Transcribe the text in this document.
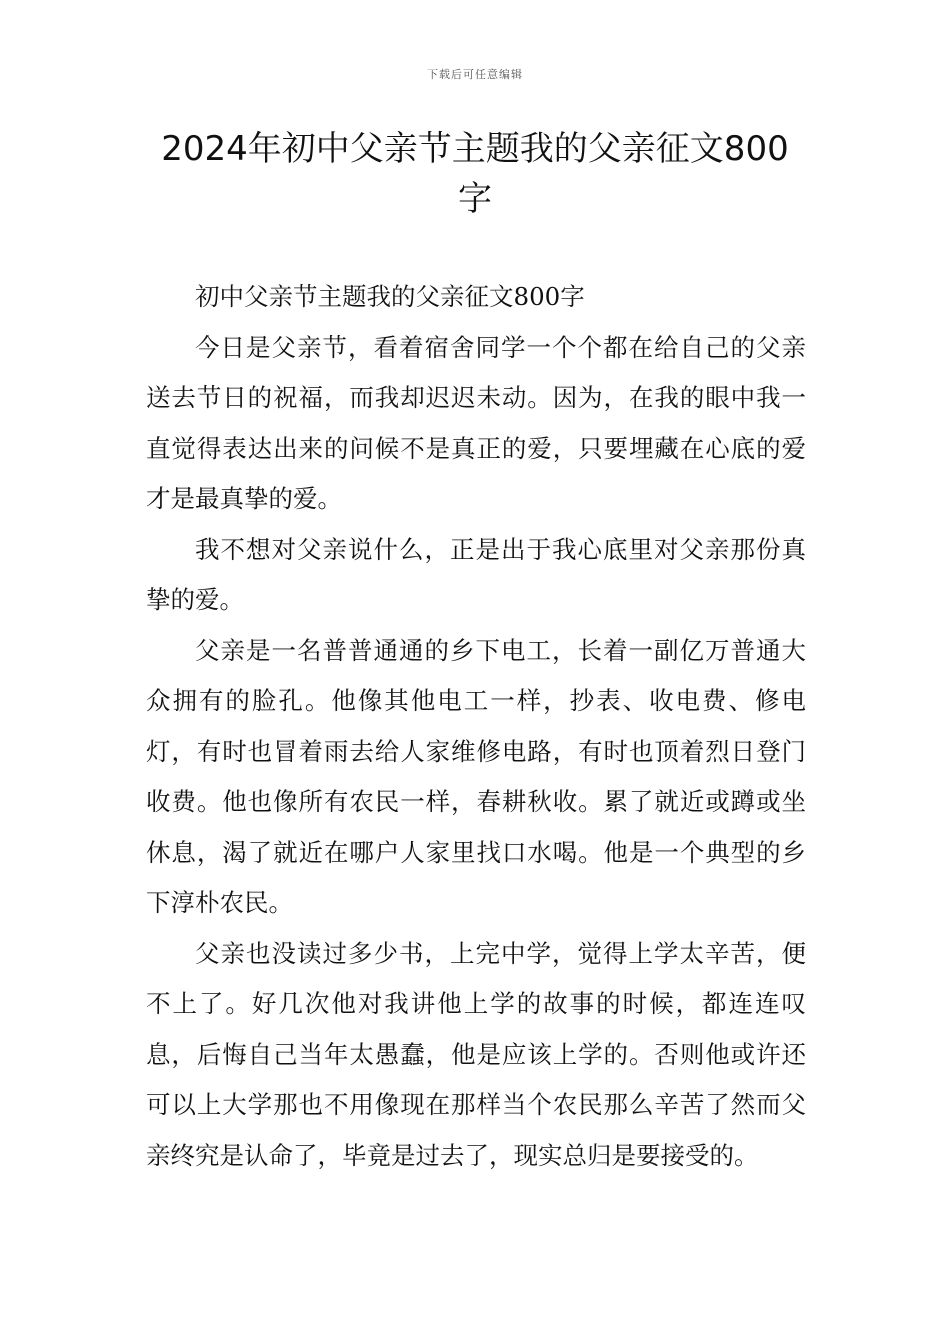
下载后可任意编辑
2024年初中父亲节主题我的父亲征文800字

初中父亲节主题我的父亲征文800字

今日是父亲节，看着宿舍同学一个个都在给自己的父亲送去节日的祝福，而我却迟迟未动。因为，在我的眼中我一直觉得表达出来的问候不是真正的爱，只要埋藏在心底的爱才是最真挚的爱。

我不想对父亲说什么，正是出于我心底里对父亲那份真挚的爱。

父亲是一名普普通通的乡下电工，长着一副亿万普通大众拥有的脸孔。他像其他电工一样，抄表、收电费、修电灯，有时也冒着雨去给人家维修电路，有时也顶着烈日登门收费。他也像所有农民一样，春耕秋收。累了就近或蹲或坐休息，渴了就近在哪户人家里找口水喝。他是一个典型的乡下淳朴农民。

父亲也没读过多少书，上完中学，觉得上学太辛苦，便不上了。好几次他对我讲他上学的故事的时候，都连连叹息，后悔自己当年太愚蠢，他是应该上学的。否则他或许还可以上大学那也不用像现在那样当个农民那么辛苦了然而父亲终究是认命了，毕竟是过去了，现实总归是要接受的。
